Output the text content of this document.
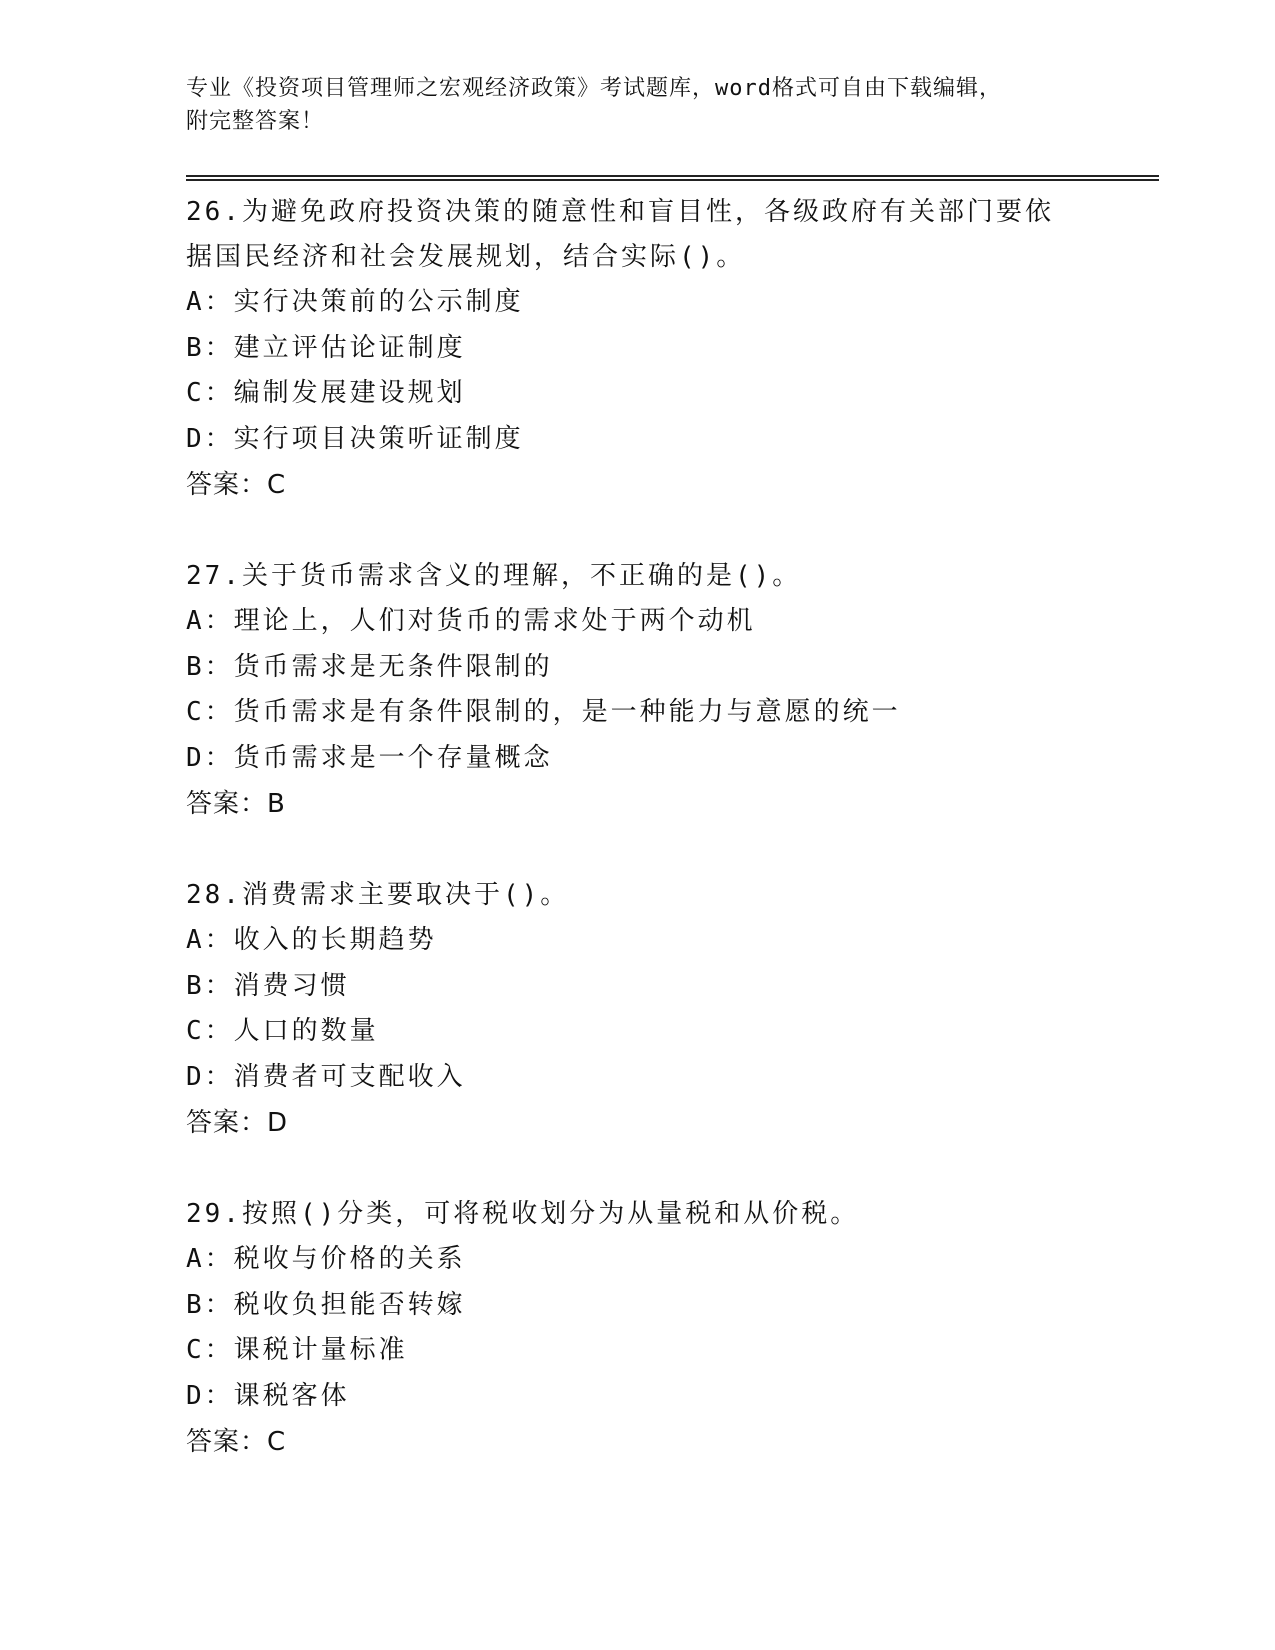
专业《投资项目管理师之宏观经济政策》考试题库，word格式可自由下载编辑，
附完整答案！
26.为避免政府投资决策的随意性和盲目性，各级政府有关部门要依据国民经济和社会发展规划，结合实际()。
A：实行决策前的公示制度
B：建立评估论证制度
C：编制发展建设规划
D：实行项目决策听证制度
答案：C
27.关于货币需求含义的理解，不正确的是()。
A：理论上，人们对货币的需求处于两个动机
B：货币需求是无条件限制的
C：货币需求是有条件限制的，是一种能力与意愿的统一
D：货币需求是一个存量概念
答案：B
28.消费需求主要取决于()。
A：收入的长期趋势
B：消费习惯
C：人口的数量
D：消费者可支配收入
答案：D
29.按照()分类，可将税收划分为从量税和从价税。
A：税收与价格的关系
B：税收负担能否转嫁
C：课税计量标准
D：课税客体
答案：C
